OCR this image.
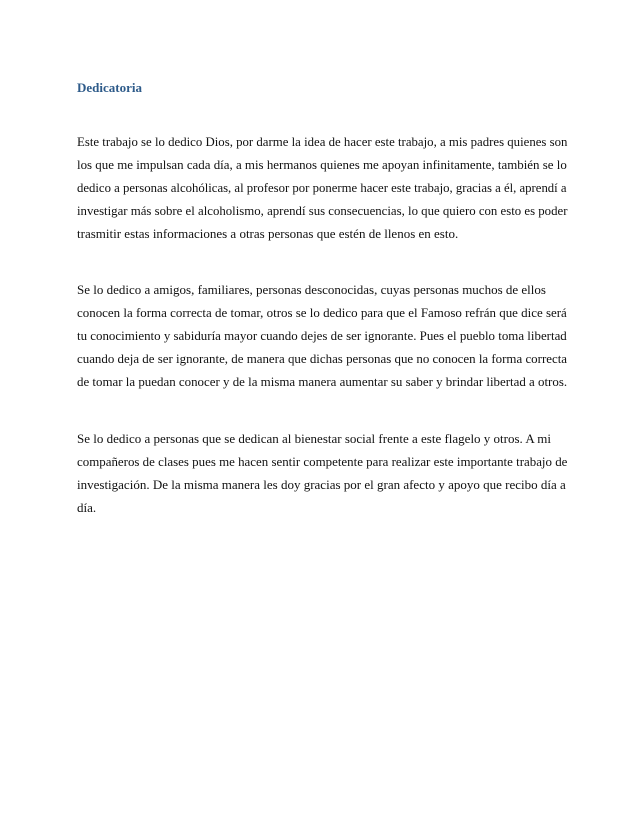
Dedicatoria
Este trabajo se lo dedico Dios, por darme la idea de hacer este trabajo, a mis padres quienes son
los que me impulsan cada día, a mis hermanos quienes me apoyan infinitamente, también se lo
dedico a personas alcohólicas, al profesor por ponerme hacer este trabajo, gracias a él, aprendí a
investigar más sobre el alcoholismo, aprendí sus consecuencias, lo que quiero con esto es poder
trasmitir estas informaciones a otras personas que estén de llenos en esto.
Se lo dedico a amigos, familiares, personas desconocidas, cuyas personas muchos de ellos
conocen la forma correcta de tomar, otros se lo dedico para que el Famoso refrán que dice será
tu conocimiento y sabiduría mayor cuando dejes de ser ignorante. Pues el pueblo toma libertad
cuando deja de ser ignorante, de manera que dichas personas que no conocen la forma correcta
de tomar la puedan conocer y de la misma manera aumentar su saber y brindar libertad a otros.
Se lo dedico a personas que se dedican al bienestar social frente a este flagelo y otros. A mi
compañeros de clases pues me hacen sentir competente para realizar este importante trabajo de
investigación. De la misma manera les doy gracias por el gran afecto y apoyo que recibo día a
día.
